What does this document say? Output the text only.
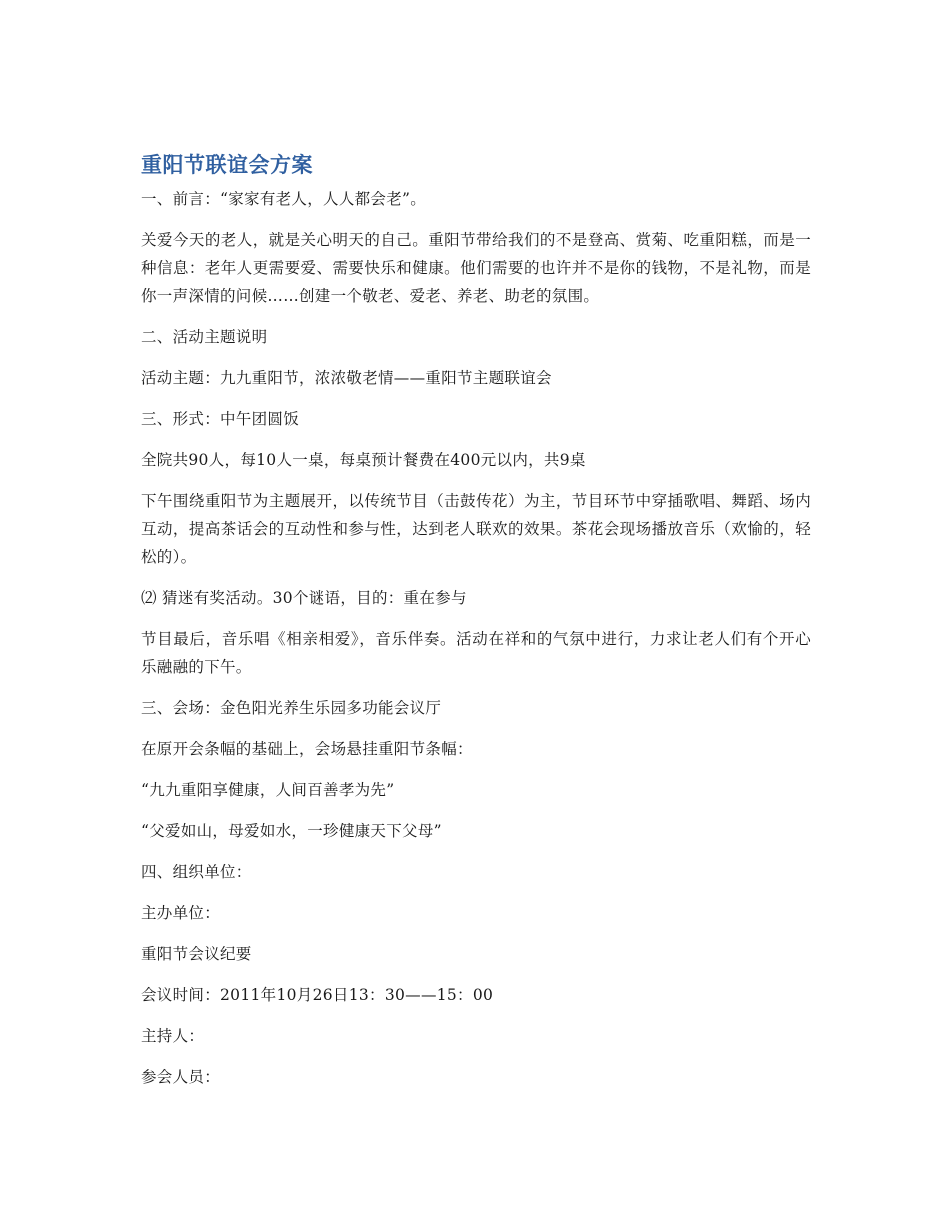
重阳节联谊会方案

一、前言：“家家有老人，人人都会老”。

关爱今天的老人，就是关心明天的自己。重阳节带给我们的不是登高、赏菊、吃重阳糕，而是一种信息：老年人更需要爱、需要快乐和健康。他们需要的也许并不是你的钱物，不是礼物，而是你一声深情的问候……创建一个敬老、爱老、养老、助老的氛围。

二、活动主题说明

活动主题：九九重阳节，浓浓敬老情——重阳节主题联谊会

三、形式：中午团圆饭

全院共90人，每10人一桌，每桌预计餐费在400元以内，共9桌

下午围绕重阳节为主题展开，以传统节目（击鼓传花）为主，节目环节中穿插歌唱、舞蹈、场内互动，提高茶话会的互动性和参与性，达到老人联欢的效果。茶花会现场播放音乐（欢愉的，轻松的）。

⑵ 猜迷有奖活动。30个谜语，目的：重在参与

节目最后，音乐唱《相亲相爱》，音乐伴奏。活动在祥和的气氛中进行，力求让老人们有个开心乐融融的下午。

三、会场：金色阳光养生乐园多功能会议厅

在原开会条幅的基础上，会场悬挂重阳节条幅：

“九九重阳享健康，人间百善孝为先”

“父爱如山，母爱如水，一珍健康天下父母”

四、组织单位：

主办单位：

重阳节会议纪要

会议时间：2011年10月26日13：30——15：00

主持人：

参会人员：
